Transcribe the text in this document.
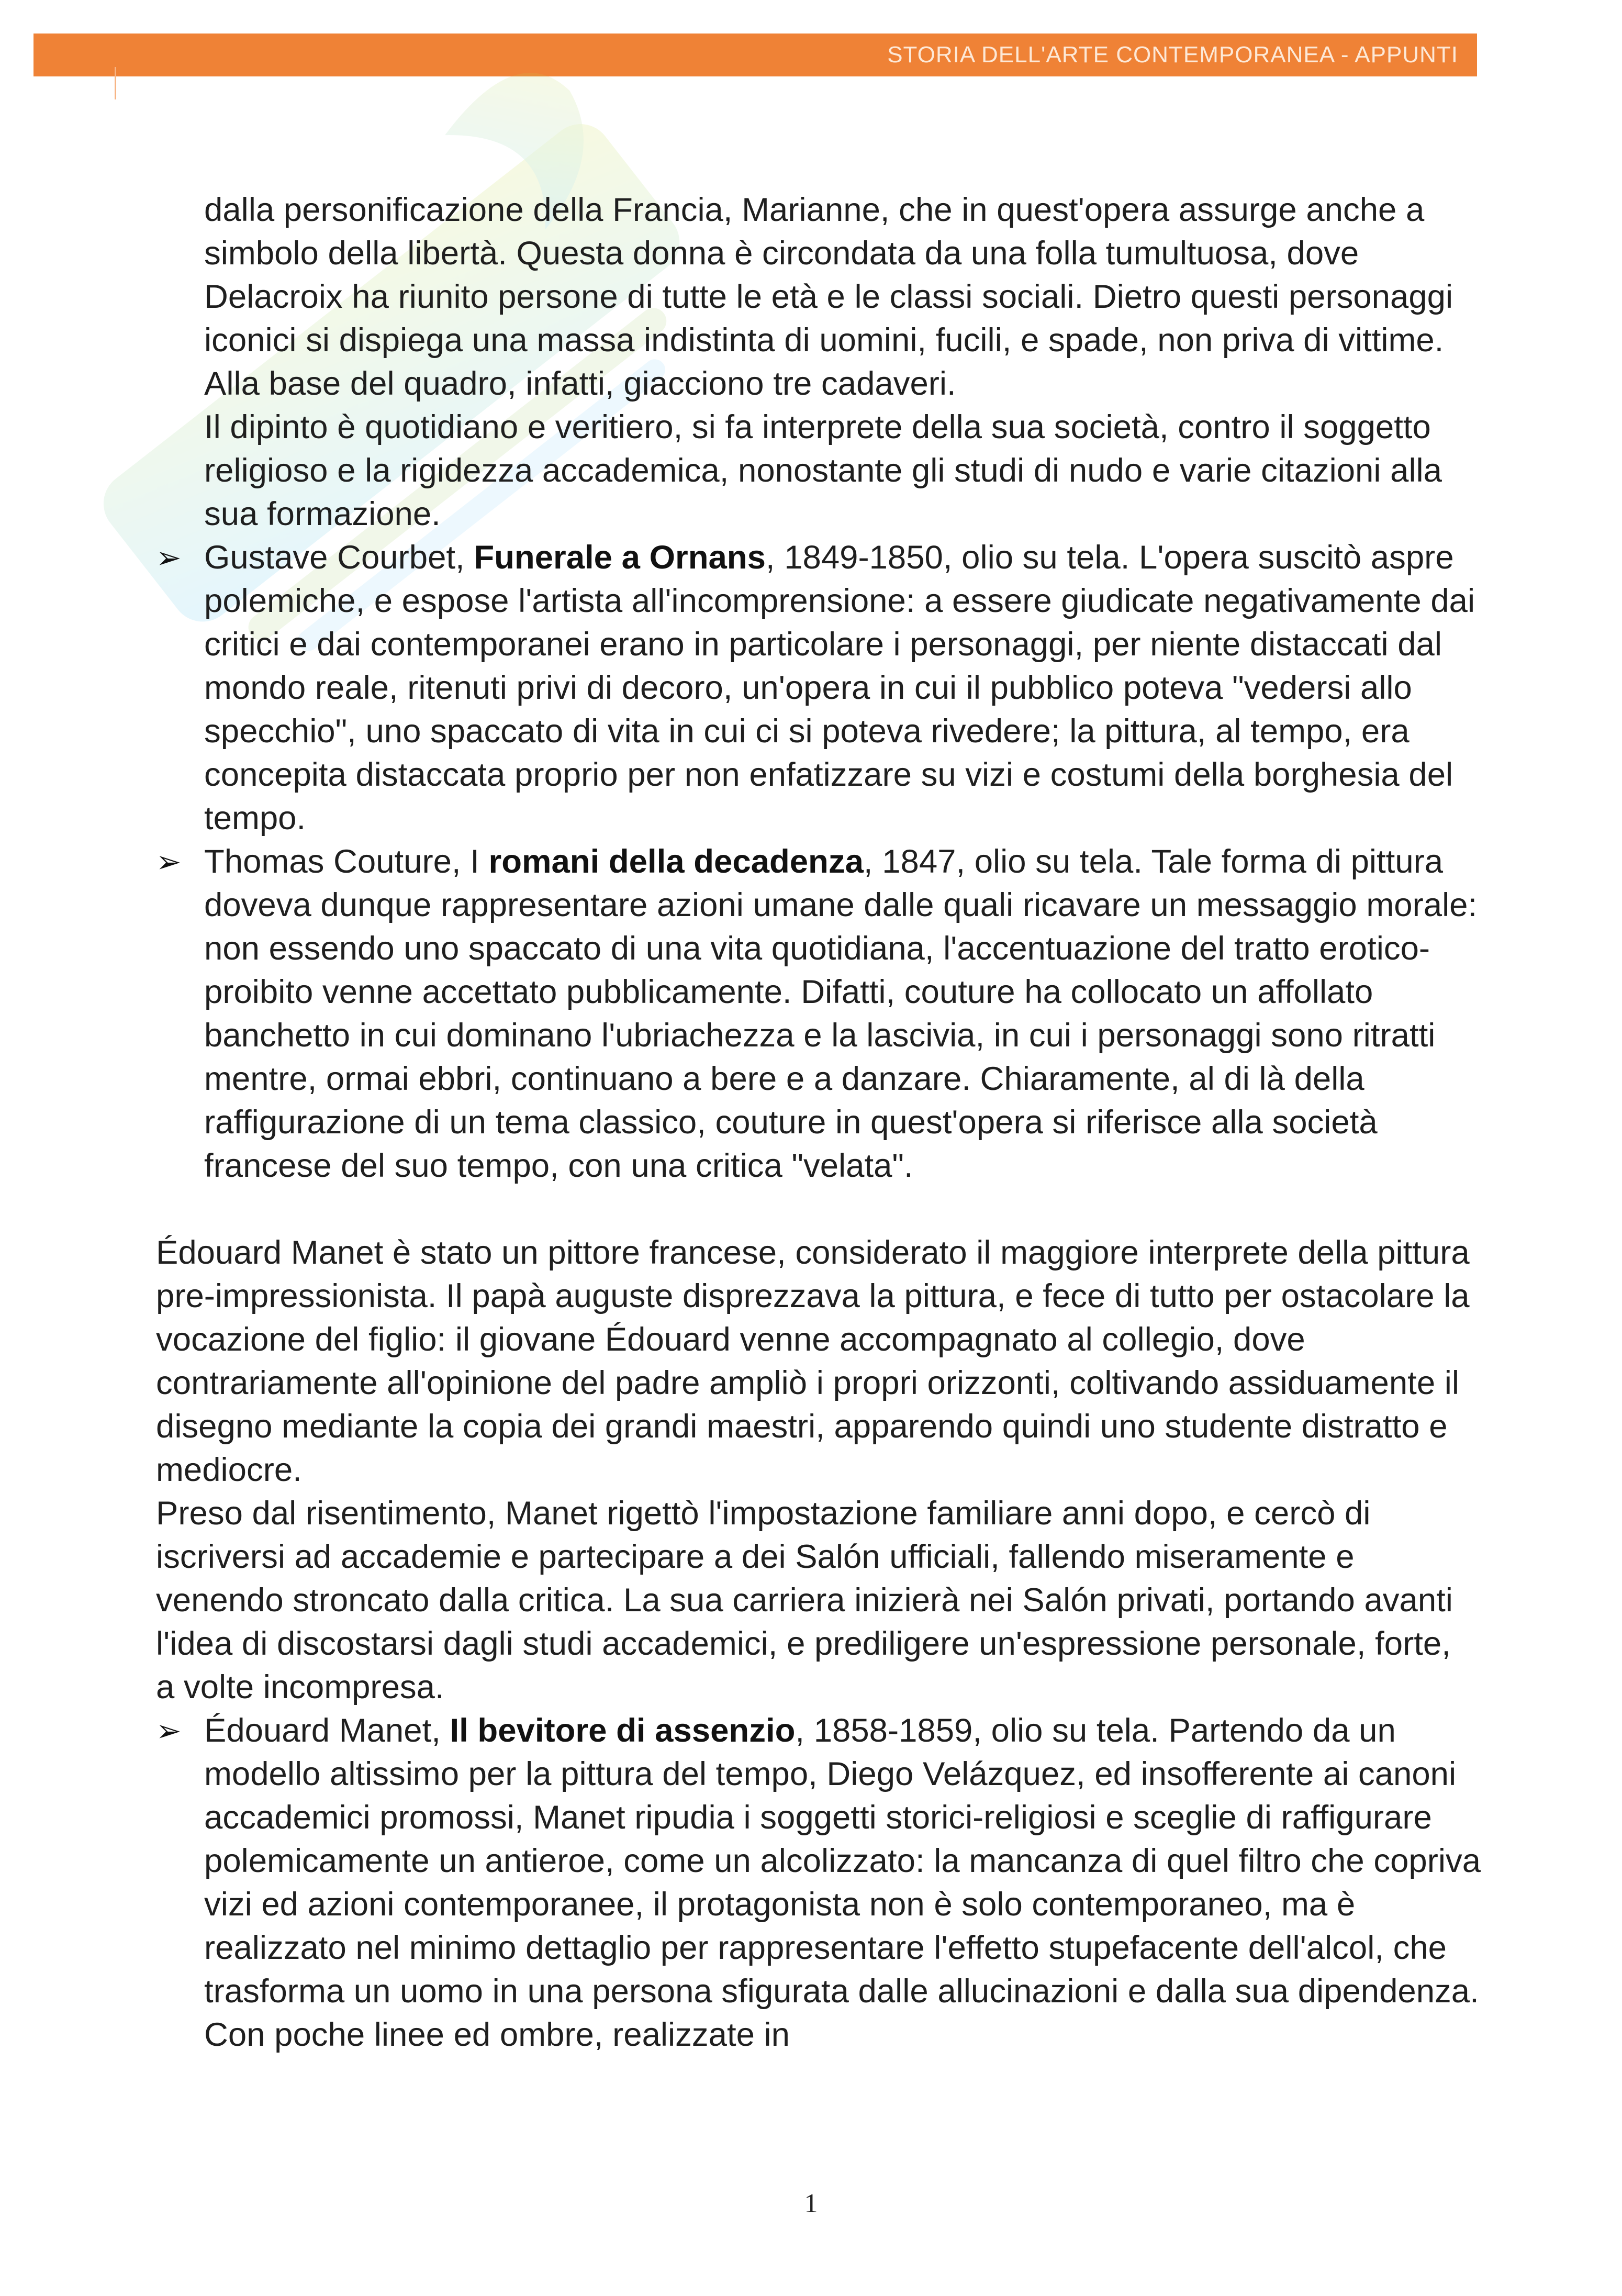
STORIA DELL'ARTE CONTEMPORANEA - APPUNTI

dalla personificazione della Francia, Marianne, che in quest'opera assurge anche a simbolo della libertà. Questa donna è circondata da una folla tumultuosa, dove Delacroix ha riunito persone di tutte le età e le classi sociali. Dietro questi personaggi iconici si dispiega una massa indistinta di uomini, fucili, e spade, non priva di vittime. Alla base del quadro, infatti, giacciono tre cadaveri.

Il dipinto è quotidiano e veritiero, si fa interprete della sua società, contro il soggetto religioso e la rigidezza accademica, nonostante gli studi di nudo e varie citazioni alla sua formazione.

➢ Gustave Courbet, Funerale a Ornans, 1849-1850, olio su tela. L'opera suscitò aspre polemiche, e espose l'artista all'incomprensione: a essere giudicate negativamente dai critici e dai contemporanei erano in particolare i personaggi, per niente distaccati dal mondo reale, ritenuti privi di decoro, un'opera in cui il pubblico poteva "vedersi allo specchio", uno spaccato di vita in cui ci si poteva rivedere; la pittura, al tempo, era concepita distaccata proprio per non enfatizzare su vizi e costumi della borghesia del tempo.
➢ Thomas Couture, I romani della decadenza, 1847, olio su tela. Tale forma di pittura doveva dunque rappresentare azioni umane dalle quali ricavare un messaggio morale: non essendo uno spaccato di una vita quotidiana, l'accentuazione del tratto erotico-proibito venne accettato pubblicamente. Difatti, couture ha collocato un affollato banchetto in cui dominano l'ubriachezza e la lascivia, in cui i personaggi sono ritratti mentre, ormai ebbri, continuano a bere e a danzare. Chiaramente, al di là della raffigurazione di un tema classico, couture in quest'opera si riferisce alla società francese del suo tempo, con una critica "velata".

Édouard Manet è stato un pittore francese, considerato il maggiore interprete della pittura pre-impressionista. Il papà auguste disprezzava la pittura, e fece di tutto per ostacolare la vocazione del figlio: il giovane Édouard venne accompagnato al collegio, dove contrariamente all'opinione del padre ampliò i propri orizzonti, coltivando assiduamente il disegno mediante la copia dei grandi maestri, apparendo quindi uno studente distratto e mediocre.

Preso dal risentimento, Manet rigettò l'impostazione familiare anni dopo, e cercò di iscriversi ad accademie e partecipare a dei Salón ufficiali, fallendo miseramente e venendo stroncato dalla critica. La sua carriera inizierà nei Salón privati, portando avanti l'idea di discostarsi dagli studi accademici, e prediligere un'espressione personale, forte, a volte incompresa.

➢ Édouard Manet, Il bevitore di assenzio, 1858-1859, olio su tela. Partendo da un modello altissimo per la pittura del tempo, Diego Velázquez, ed insofferente ai canoni accademici promossi, Manet ripudia i soggetti storici-religiosi e sceglie di raffigurare polemicamente un antieroe, come un alcolizzato: la mancanza di quel filtro che copriva vizi ed azioni contemporanee, il protagonista non è solo contemporaneo, ma è realizzato nel minimo dettaglio per rappresentare l'effetto stupefacente dell'alcol, che trasforma un uomo in una persona sfigurata dalle allucinazioni e dalla sua dipendenza. Con poche linee ed ombre, realizzate in
1
